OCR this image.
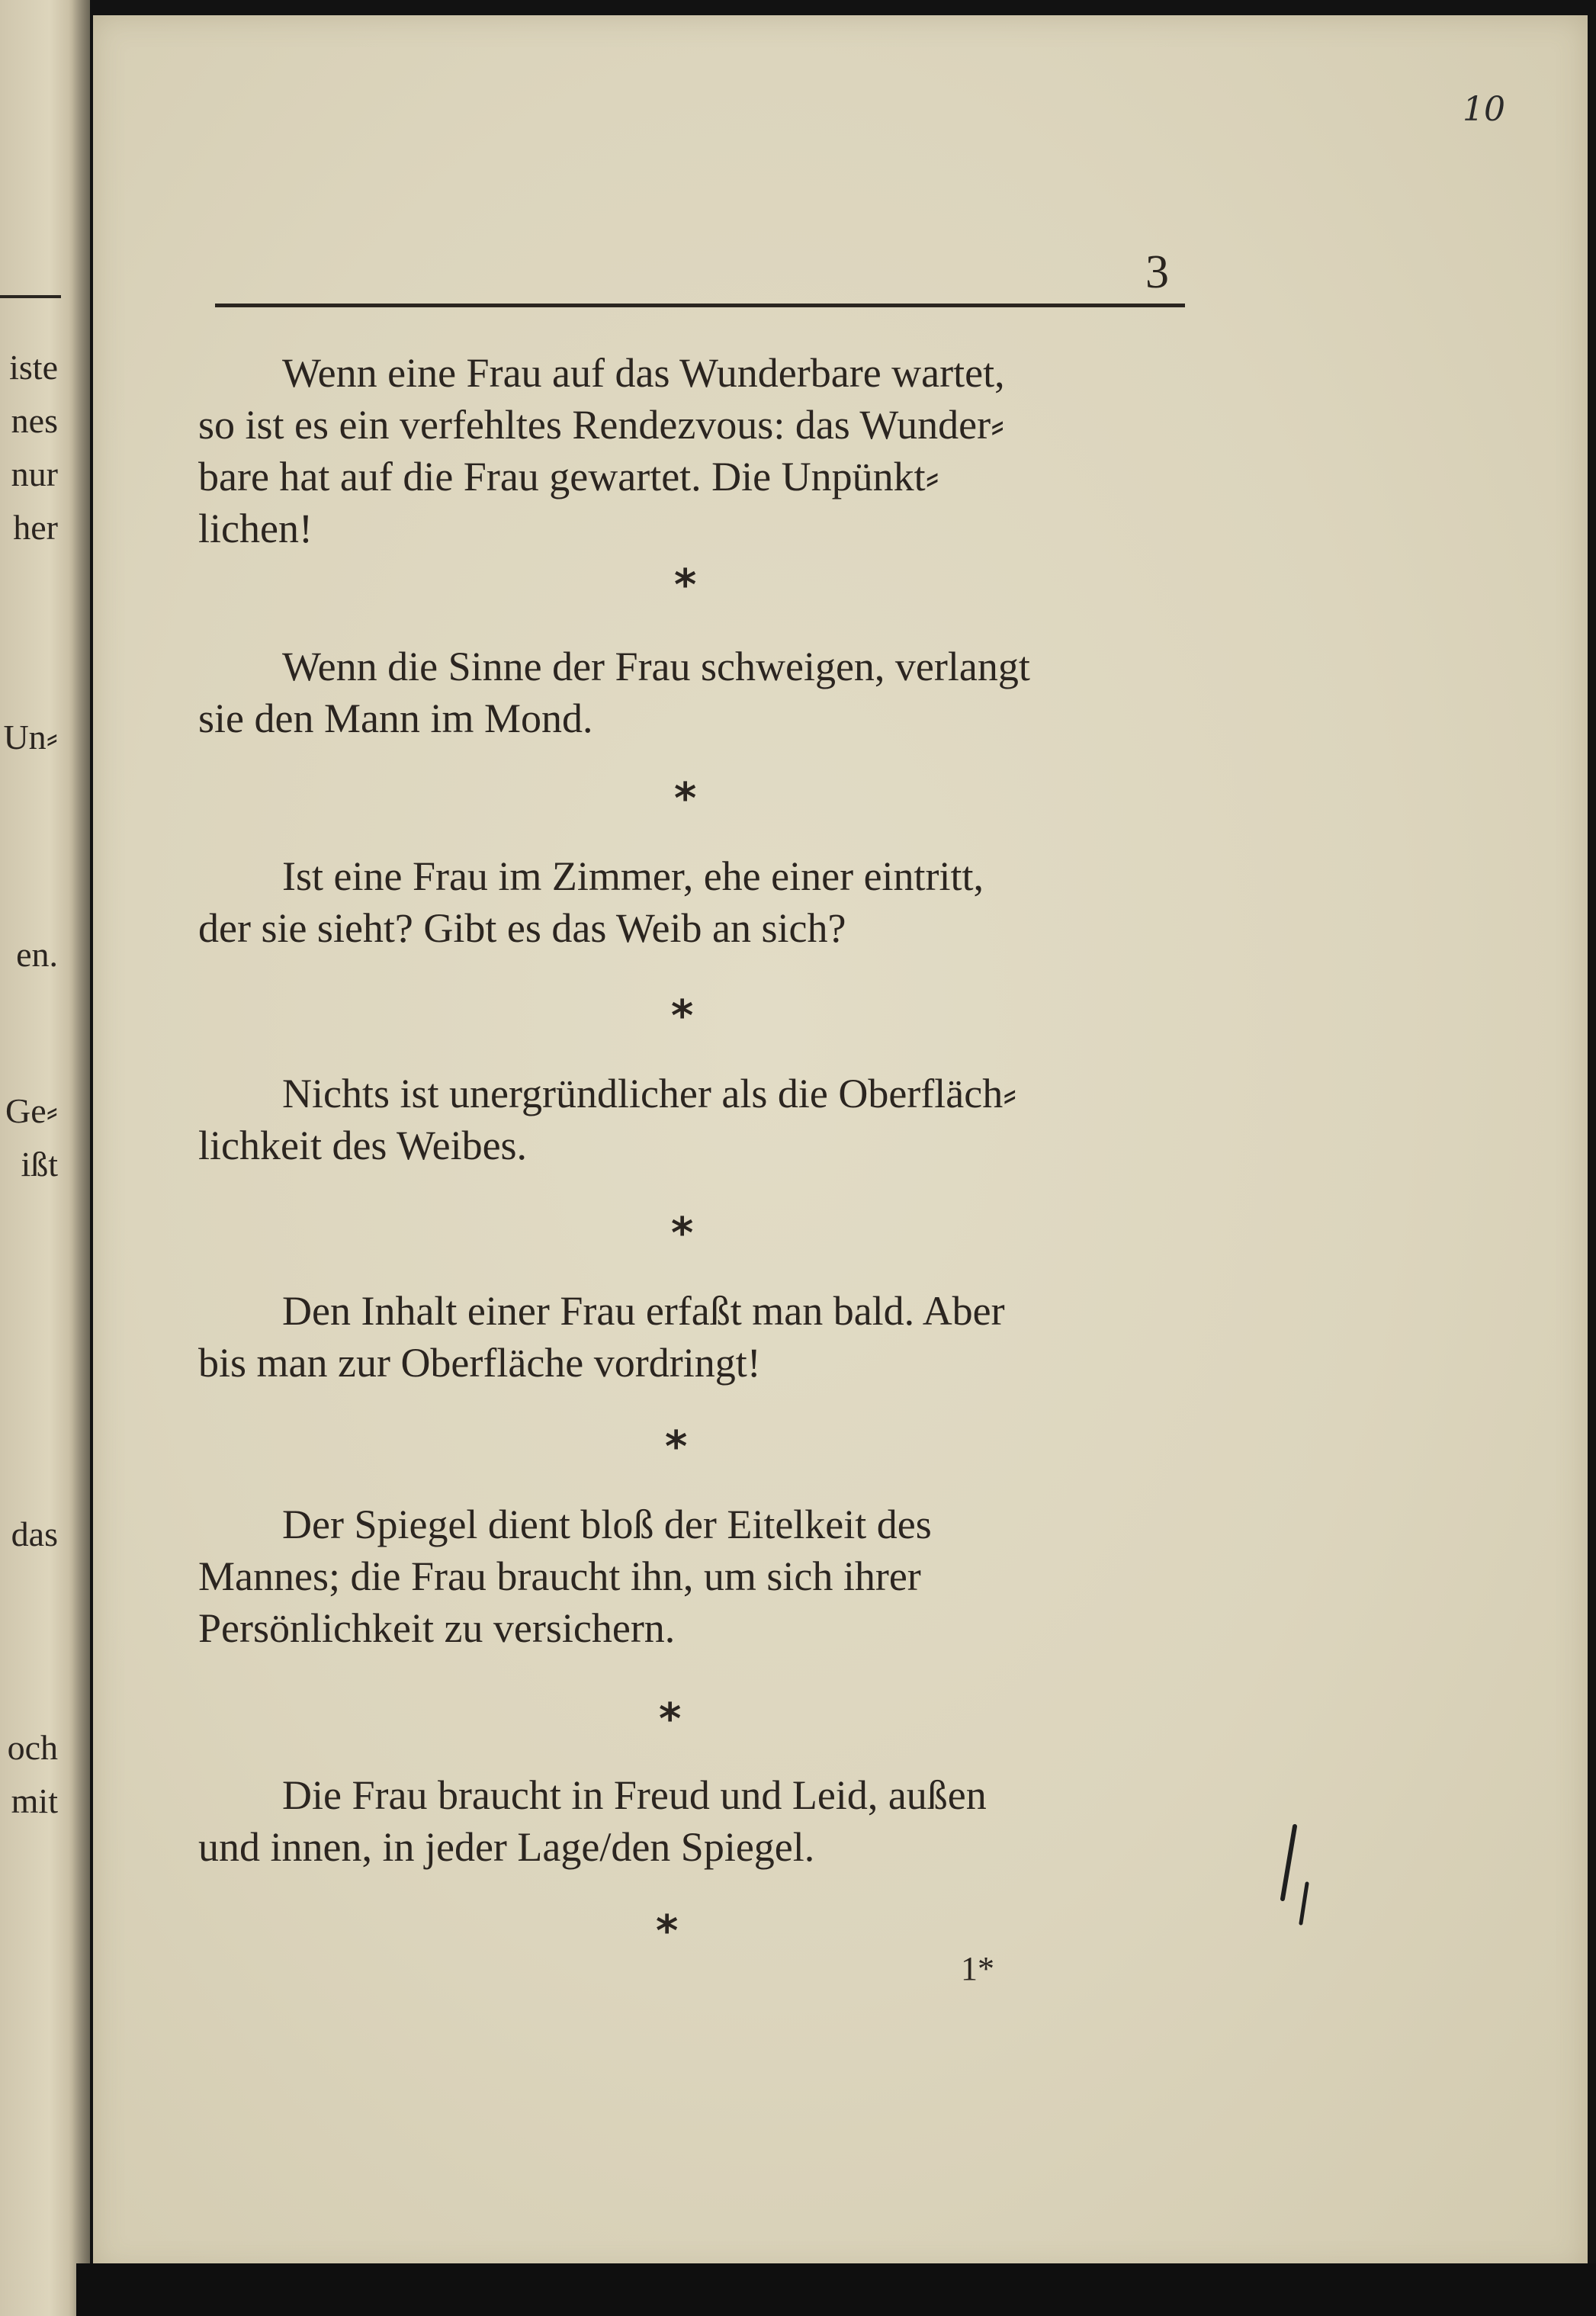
iste
nes
nur
her
Un⸗
en.
Ge⸗
ißt
das
och
mit
10
3
Wenn eine Frau auf das Wunderbare wartet,
so ist es ein verfehltes Rendezvous: das Wunder⸗
bare hat auf die Frau gewartet. Die Unpünkt⸗
lichen!
*
Wenn die Sinne der Frau schweigen, verlangt
sie den Mann im Mond.
*
Ist eine Frau im Zimmer, ehe einer eintritt,
der sie sieht? Gibt es das Weib an sich?
*
Nichts ist unergründlicher als die Oberfläch⸗
lichkeit des Weibes.
*
Den Inhalt einer Frau erfaßt man bald. Aber
bis man zur Oberfläche vordringt!
*
Der Spiegel dient bloß der Eitelkeit des
Mannes; die Frau braucht ihn, um sich ihrer
Persönlichkeit zu versichern.
*
Die Frau braucht in Freud und Leid, außen
und innen, in jeder Lage/den Spiegel.
*
1*
